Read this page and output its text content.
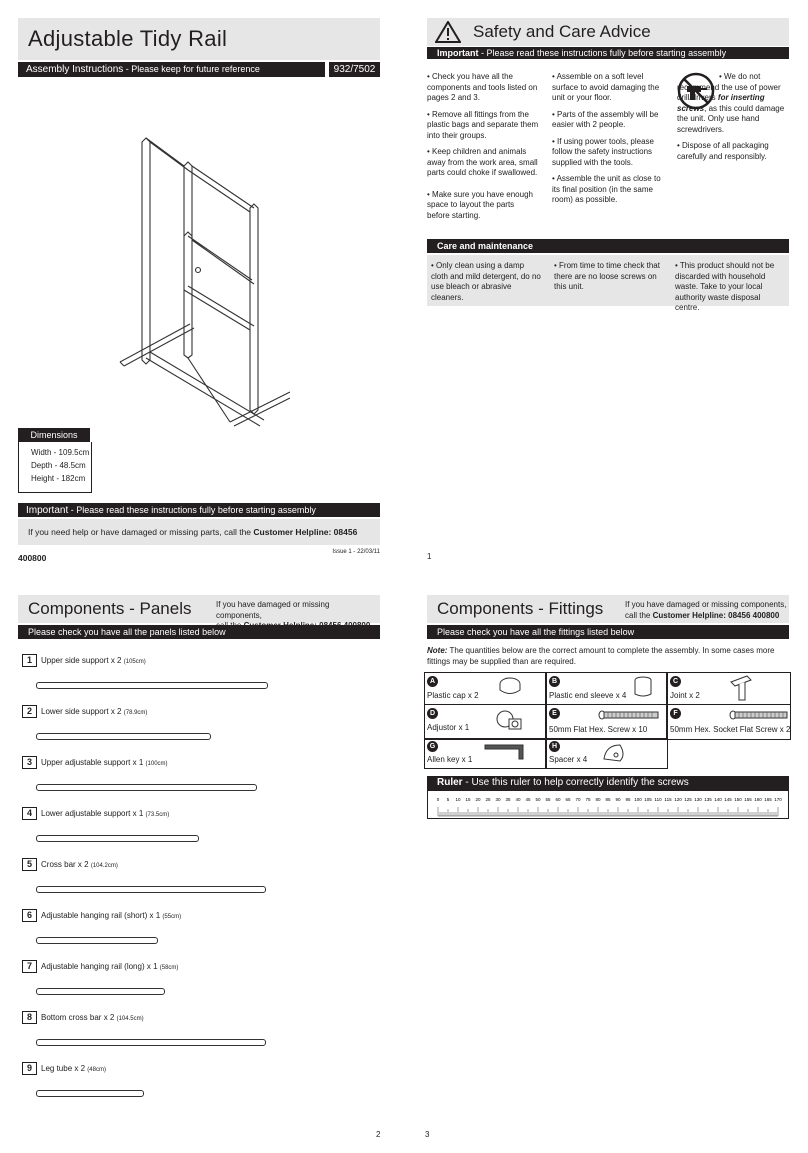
Adjustable Tidy Rail
Assembly Instructions - Please keep for future reference	932/7502
Dimensions
Width - 109.5cm
Depth - 48.5cm
Height - 182cm
Important - Please read these instructions fully before starting assembly
If you need help or have damaged or missing parts, call the Customer Helpline: 08456 400800
Issue 1 - 22/03/11
Safety and Care Advice
Important - Please read these instructions fully before starting assembly

• Check you have all the components and tools listed on pages 2 and 3.

• Remove all fittings from the plastic bags and separate them into their groups.

• Keep children and animals away from the work area, small parts could choke if swallowed.

• Make sure you have enough space to layout the parts before starting.

• Assemble on a soft level surface to avoid damaging the unit or your floor.

• Parts of the assembly will be easier with 2 people.

• If using power tools, please follow the safety instructions supplied with the tools.

• Assemble the unit as close to its final position (in the same room) as possible.

• We do not recommend the use of power drill/drivers for inserting screws, as this could damage the unit. Only use hand screwdrivers.

• Dispose of all packaging carefully and responsibly.

Care and maintenance
• Only clean using a damp cloth and mild detergent, do no use bleach or abrasive cleaners.
• From time to time check that there are no loose screws on this unit.
• This product should not be discarded with household waste. Take to your local authority waste disposal centre.
1
Components - Panels	If you have damaged or missing components,
Please check you have all the panels listed below
1 Upper side support x 2 (105cm)
2 Lower side support x 2 (78.9cm)
3 Upper adjustable support x 1 (100cm)
4 Lower adjustable support x 1 (73.5cm)
5 Cross bar x 2 (104.2cm)
6 Adjustable hanging rail (short) x 1 (55cm)
7 Adjustable hanging rail (long) x 1 (58cm)
8 Bottom cross bar x 2 (104.5cm)
9 Leg tube x 2 (48cm)
2
Components - Fittings	If you have damaged or missing components,
call the Customer Helpline: 08456 400800
Please check you have all the fittings listed below
Note: The quantities below are the correct amount to complete the assembly. In some cases more fittings may be supplied than are required.
A
Plastic cap x 2
B
Plastic end sleeve x 4
C
Joint x 2
D
Adjustor x 1
E
50mm Flat Hex. Screw x 10
F
50mm Hex. Socket Flat Screw x 2
G
Allen key x 1
H
Spacer x 4
Ruler - Use this ruler to help correctly identify the screws
0 5 10 15 20 25 30 35 40 45 50 55 60 65 70 75 80 85 90 95 100 105 110 115 120 125 130 135 140 145 150 155 160 165 170
3
